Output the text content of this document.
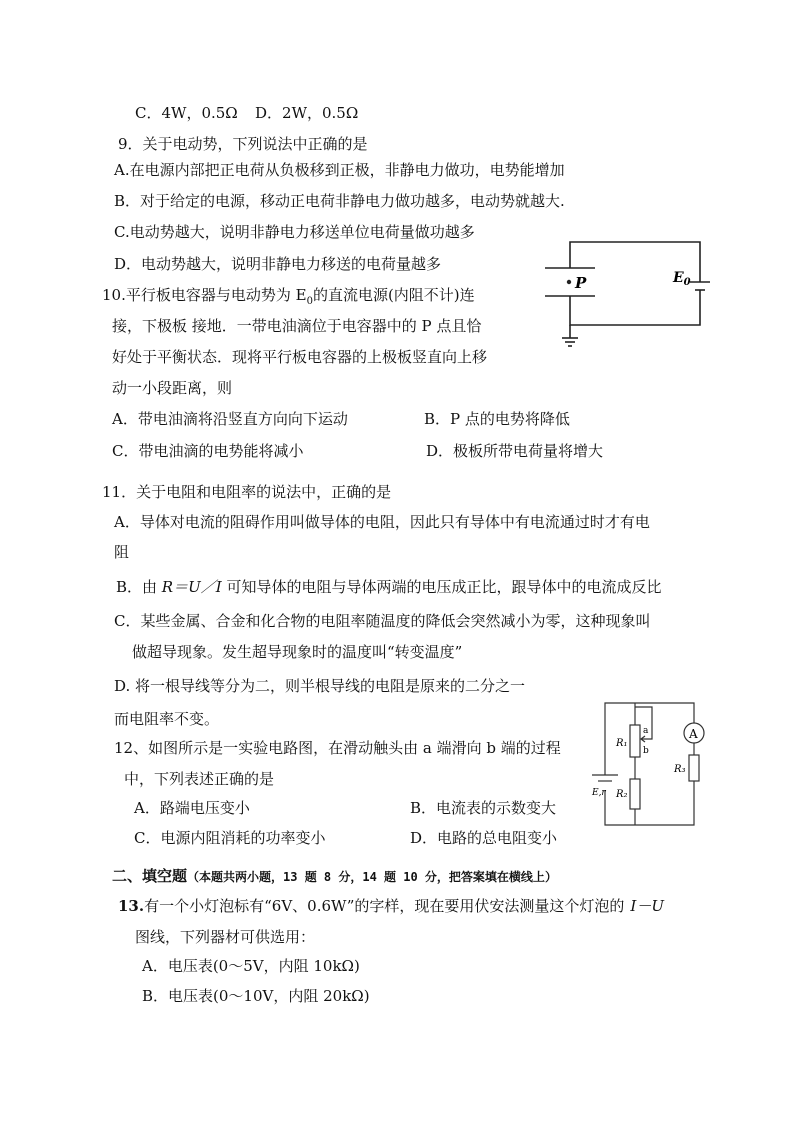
C．4W，0.5Ω D．2W，0.5Ω
9．关于电动势，下列说法中正确的是
A.在电源内部把正电荷从负极移到正极，非静电力做功，电势能增加
B．对于给定的电源，移动正电荷非静电力做功越多，电动势就越大.
C.电动势越大，说明非静电力移送单位电荷量做功越多
D．电动势越大，说明非静电力移送的电荷量越多
10.平行板电容器与电动势为 $E_0$的直流电源(内阻不计)连
接，下极板 接地．一带电油滴位于电容器中的 P 点且恰
好处于平衡状态．现将平行板电容器的上极板竖直向上移
动一小段距离，则
A．带电油滴将沿竖直方向向下运动	B．P 点的电势将降低
C．带电油滴的电势能将减小	D．极板所带电荷量将增大
P	$E_0$
11．关于电阻和电阻率的说法中，正确的是
A．导体对电流的阻碍作用叫做导体的电阻，因此只有导体中有电流通过时才有电
阻
B．由 R＝U／I 可知导体的电阻与导体两端的电压成正比，跟导体中的电流成反比
C．某些金属、合金和化合物的电阻率随温度的降低会突然减小为零，这种现象叫
做超导现象。发生超导现象时的温度叫“转变温度”
D. 将一根导线等分为二，则半根导线的电阻是原来的二分之一
而电阻率不变。
12、如图所示是一实验电路图，在滑动触头由 a 端滑向 b 端的过程
中，下列表述正确的是
A．路端电压变小	B．电流表的示数变大
C．电源内阻消耗的功率变小	D．电路的总电阻变小
A
R₁
R₂
R₃
a
b
E,r
二、填空题（本题共两小题，13 题 8 分，14 题 10 分，把答案填在横线上）
13.有一个小灯泡标有“6V、0.6W”的字样，现在要用伏安法测量这个灯泡的 I－U
图线，下列器材可供选用：
A．电压表(0～5V，内阻 10kΩ)
B．电压表(0～10V，内阻 20kΩ)
